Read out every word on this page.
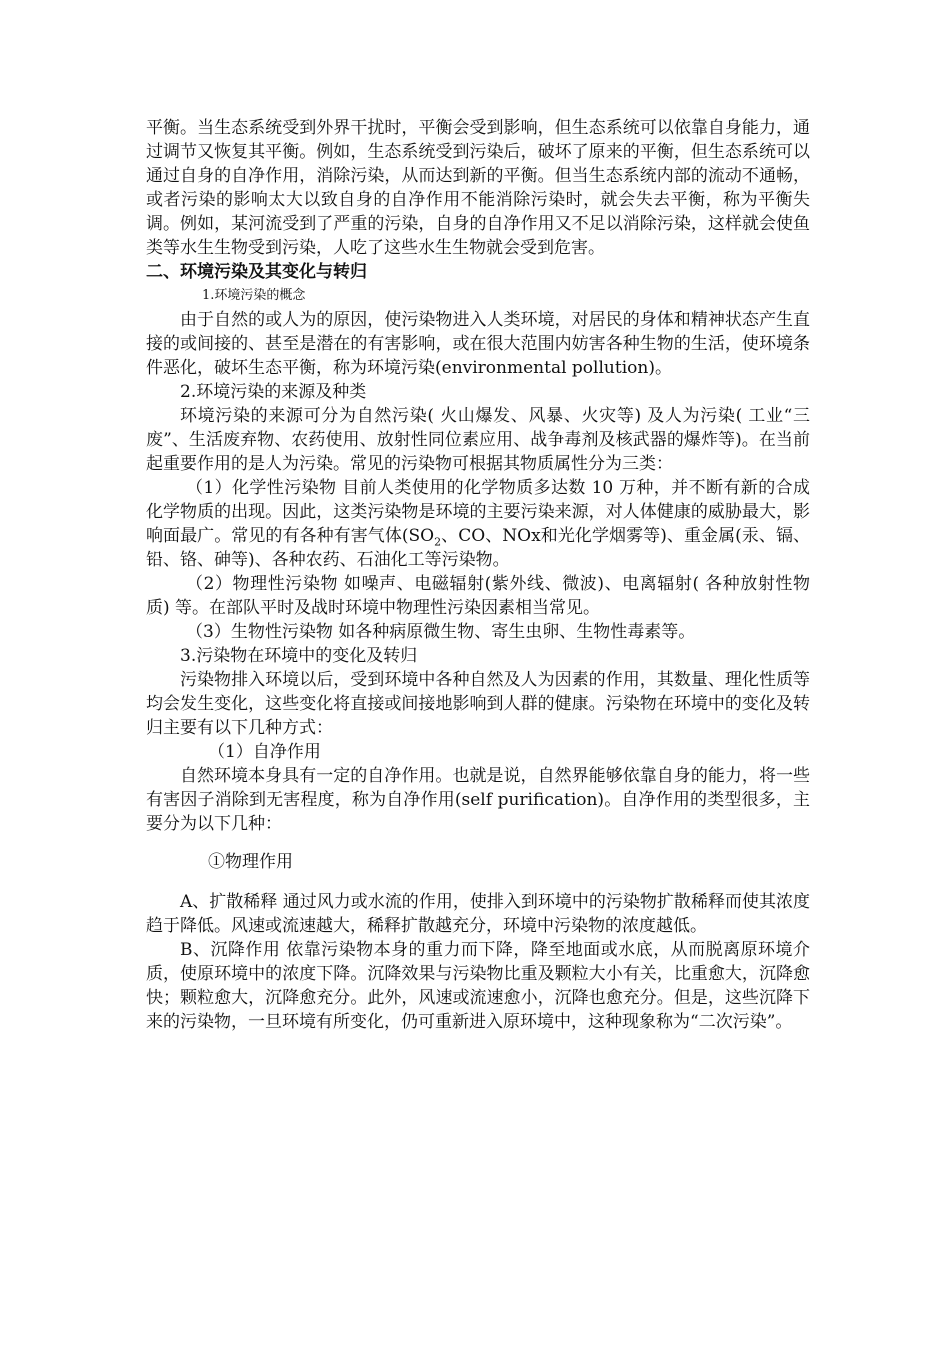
平衡。当生态系统受到外界干扰时，平衡会受到影响，但生态系统可以依靠自身能力，通过调节又恢复其平衡。例如，生态系统受到污染后，破坏了原来的平衡，但生态系统可以通过自身的自净作用，消除污染，从而达到新的平衡。但当生态系统内部的流动不通畅，或者污染的影响太大以致自身的自净作用不能消除污染时，就会失去平衡，称为平衡失调。例如，某河流受到了严重的污染，自身的自净作用又不足以消除污染，这样就会使鱼类等水生生物受到污染，人吃了这些水生生物就会受到危害。

二、环境污染及其变化与转归

1.环境污染的概念

由于自然的或人为的原因，使污染物进入人类环境，对居民的身体和精神状态产生直接的或间接的、甚至是潜在的有害影响，或在很大范围内妨害各种生物的生活，使环境条件恶化，破坏生态平衡，称为环境污染(environmental pollution)。

2.环境污染的来源及种类

环境污染的来源可分为自然污染( 火山爆发、风暴、火灾等) 及人为污染( 工业“三废”、生活废弃物、农药使用、放射性同位素应用、战争毒剂及核武器的爆炸等)。在当前起重要作用的是人为污染。常见的污染物可根据其物质属性分为三类：

（1）化学性污染物 目前人类使用的化学物质多达数 10 万种，并不断有新的合成化学物质的出现。因此，这类污染物是环境的主要污染来源，对人体健康的威胁最大，影响面最广。常见的有各种有害气体($SO_2$、CO、NOx和光化学烟雾等)、重金属(汞、镉、铅、铬、砷等)、各种农药、石油化工等污染物。

（2）物理性污染物 如噪声、电磁辐射(紫外线、微波)、电离辐射( 各种放射性物质) 等。在部队平时及战时环境中物理性污染因素相当常见。

（3）生物性污染物 如各种病原微生物、寄生虫卵、生物性毒素等。

3.污染物在环境中的变化及转归

污染物排入环境以后，受到环境中各种自然及人为因素的作用，其数量、理化性质等均会发生变化，这些变化将直接或间接地影响到人群的健康。污染物在环境中的变化及转归主要有以下几种方式：

（1）自净作用

自然环境本身具有一定的自净作用。也就是说，自然界能够依靠自身的能力，将一些有害因子消除到无害程度，称为自净作用(self purification)。自净作用的类型很多，主要分为以下几种：

①物理作用

A、扩散稀释 通过风力或水流的作用，使排入到环境中的污染物扩散稀释而使其浓度趋于降低。风速或流速越大，稀释扩散越充分，环境中污染物的浓度越低。

B、沉降作用 依靠污染物本身的重力而下降，降至地面或水底，从而脱离原环境介质，使原环境中的浓度下降。沉降效果与污染物比重及颗粒大小有关，比重愈大，沉降愈快；颗粒愈大，沉降愈充分。此外，风速或流速愈小，沉降也愈充分。但是，这些沉降下来的污染物，一旦环境有所变化，仍可重新进入原环境中，这种现象称为“二次污染”。
